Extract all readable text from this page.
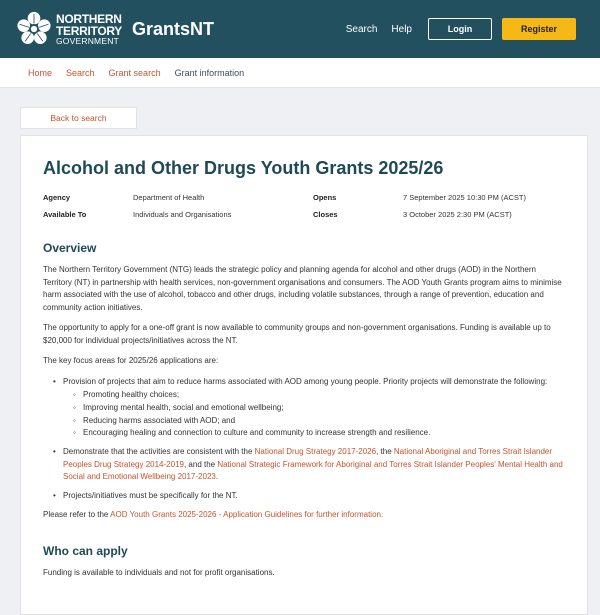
NORTHERN
TERRITORY
GOVERNMENT
GrantsNT	Search Help	Login	Register
Home Search Grant search Grant information
Back to search
Alcohol and Other Drugs Youth Grants 2025/26
Agency	Department of Health	Opens	7 September 2025 10:30 PM (ACST)
Available To	Individuals and Organisations	Closes	3 October 2025 2:30 PM (ACST)
Overview

The Northern Territory Government (NTG) leads the strategic policy and planning agenda for alcohol and other drugs (AOD) in the Northern Territory (NT) in partnership with health services, non-government organisations and consumers. The AOD Youth Grants program aims to minimise harm associated with the use of alcohol, tobacco and other drugs, including volatile substances, through a range of prevention, education and community action initiatives.

The opportunity to apply for a one-off grant is now available to community groups and non-government organisations. Funding is available up to $20,000 for individual projects/initiatives across the NT.

The key focus areas for 2025/26 applications are:

• Provision of projects that aim to reduce harms associated with AOD among young people. Priority projects will demonstrate the following:
◦ Promoting healthy choices;
◦ Improving mental health, social and emotional wellbeing;
◦ Reducing harms associated with AOD; and
◦ Encouraging healing and connection to culture and community to increase strength and resilience.
• Demonstrate that the activities are consistent with the National Drug Strategy 2017-2026, the National Aboriginal and Torres Strait Islander Peoples Drug Strategy 2014-2019, and the National Strategic Framework for Aboriginal and Torres Strait Islander Peoples' Mental Health and Social and Emotional Wellbeing 2017-2023.
• Projects/initiatives must be specifically for the NT.

Please refer to the AOD Youth Grants 2025-2026 - Application Guidelines for further information.

Who can apply

Funding is available to individuals and not for profit organisations.
